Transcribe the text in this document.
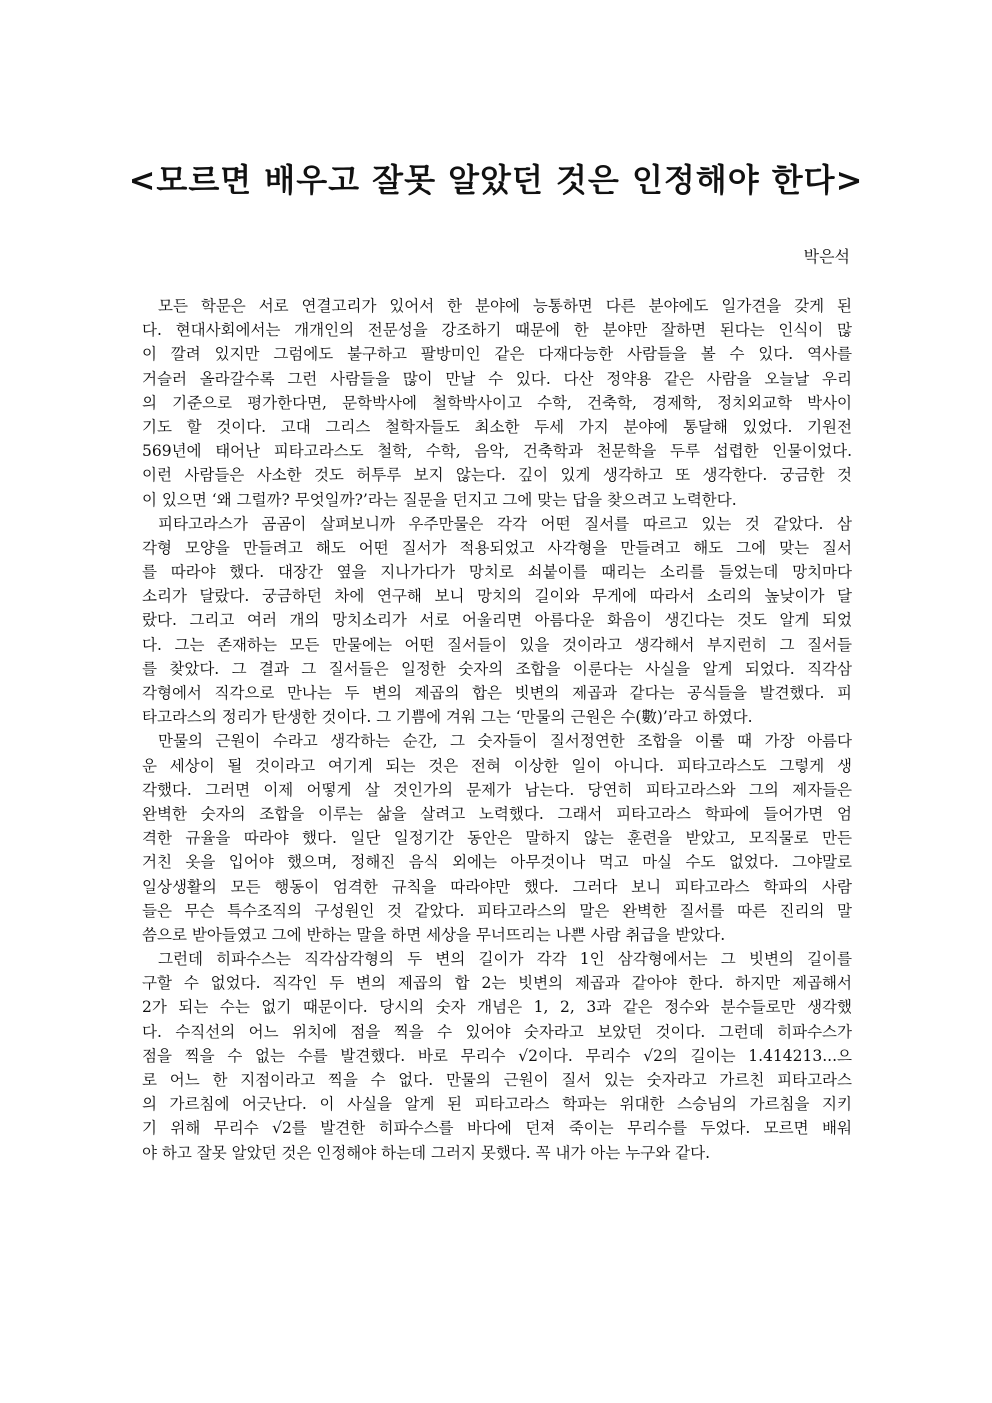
<모르면 배우고 잘못 알았던 것은 인정해야 한다>
박은석
모든 학문은 서로 연결고리가 있어서 한 분야에 능통하면 다른 분야에도 일가견을 갖게 된
다. 현대사회에서는 개개인의 전문성을 강조하기 때문에 한 분야만 잘하면 된다는 인식이 많
이 깔려 있지만 그럼에도 불구하고 팔방미인 같은 다재다능한 사람들을 볼 수 있다. 역사를
거슬러 올라갈수록 그런 사람들을 많이 만날 수 있다. 다산 정약용 같은 사람을 오늘날 우리
의 기준으로 평가한다면, 문학박사에 철학박사이고 수학, 건축학, 경제학, 정치외교학 박사이
기도 할 것이다. 고대 그리스 철학자들도 최소한 두세 가지 분야에 통달해 있었다. 기원전
569년에 태어난 피타고라스도 철학, 수학, 음악, 건축학과 천문학을 두루 섭렵한 인물이었다.
이런 사람들은 사소한 것도 허투루 보지 않는다. 깊이 있게 생각하고 또 생각한다. 궁금한 것
이 있으면 ‘왜 그럴까? 무엇일까?’라는 질문을 던지고 그에 맞는 답을 찾으려고 노력한다.
피타고라스가 곰곰이 살펴보니까 우주만물은 각각 어떤 질서를 따르고 있는 것 같았다. 삼
각형 모양을 만들려고 해도 어떤 질서가 적용되었고 사각형을 만들려고 해도 그에 맞는 질서
를 따라야 했다. 대장간 옆을 지나가다가 망치로 쇠붙이를 때리는 소리를 들었는데 망치마다
소리가 달랐다. 궁금하던 차에 연구해 보니 망치의 길이와 무게에 따라서 소리의 높낮이가 달
랐다. 그리고 여러 개의 망치소리가 서로 어울리면 아름다운 화음이 생긴다는 것도 알게 되었
다. 그는 존재하는 모든 만물에는 어떤 질서들이 있을 것이라고 생각해서 부지런히 그 질서들
를 찾았다. 그 결과 그 질서들은 일정한 숫자의 조합을 이룬다는 사실을 알게 되었다. 직각삼
각형에서 직각으로 만나는 두 변의 제곱의 합은 빗변의 제곱과 같다는 공식들을 발견했다. 피
타고라스의 정리가 탄생한 것이다. 그 기쁨에 겨워 그는 ‘만물의 근원은 수(數)’라고 하였다.
만물의 근원이 수라고 생각하는 순간, 그 숫자들이 질서정연한 조합을 이룰 때 가장 아름다
운 세상이 될 것이라고 여기게 되는 것은 전혀 이상한 일이 아니다. 피타고라스도 그렇게 생
각했다. 그러면 이제 어떻게 살 것인가의 문제가 남는다. 당연히 피타고라스와 그의 제자들은
완벽한 숫자의 조합을 이루는 삶을 살려고 노력했다. 그래서 피타고라스 학파에 들어가면 엄
격한 규율을 따라야 했다. 일단 일정기간 동안은 말하지 않는 훈련을 받았고, 모직물로 만든
거친 옷을 입어야 했으며, 정해진 음식 외에는 아무것이나 먹고 마실 수도 없었다. 그야말로
일상생활의 모든 행동이 엄격한 규칙을 따라야만 했다. 그러다 보니 피타고라스 학파의 사람
들은 무슨 특수조직의 구성원인 것 같았다. 피타고라스의 말은 완벽한 질서를 따른 진리의 말
씀으로 받아들였고 그에 반하는 말을 하면 세상을 무너뜨리는 나쁜 사람 취급을 받았다.
그런데 히파수스는 직각삼각형의 두 변의 길이가 각각 1인 삼각형에서는 그 빗변의 길이를
구할 수 없었다. 직각인 두 변의 제곱의 합 2는 빗변의 제곱과 같아야 한다. 하지만 제곱해서
2가 되는 수는 없기 때문이다. 당시의 숫자 개념은 1, 2, 3과 같은 정수와 분수들로만 생각했
다. 수직선의 어느 위치에 점을 찍을 수 있어야 숫자라고 보았던 것이다. 그런데 히파수스가
점을 찍을 수 없는 수를 발견했다. 바로 무리수 √2이다. 무리수 √2의 길이는 1.414213...으
로 어느 한 지점이라고 찍을 수 없다. 만물의 근원이 질서 있는 숫자라고 가르친 피타고라스
의 가르침에 어긋난다. 이 사실을 알게 된 피타고라스 학파는 위대한 스승님의 가르침을 지키
기 위해 무리수 √2를 발견한 히파수스를 바다에 던져 죽이는 무리수를 두었다. 모르면 배워
야 하고 잘못 알았던 것은 인정해야 하는데 그러지 못했다. 꼭 내가 아는 누구와 같다.
